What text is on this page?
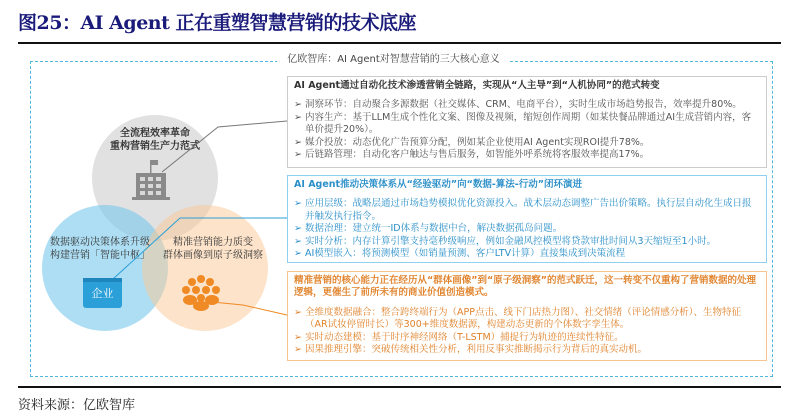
图25：AI Agent 正在重塑智慧营销的技术底座
亿欧智库：AI Agent对智慧营销的三大核心意义
全流程效率革命
重构营销生产力范式
数据驱动决策体系升级
构建营销「智能中枢」
精准营销能力质变
群体画像到原子级洞察
企业
AI Agent通过自动化技术渗透营销全链路，实现从“人主导”到“人机协同”的范式转变
➢ 洞察环节：自动聚合多源数据（社交媒体、CRM、电商平台），实时生成市场趋势报告，效率提升80%。
➢ 内容生产：基于LLM生成个性化文案、图像及视频，缩短创作周期（如某快餐品牌通过AI生成营销内容，客单价提升20%）。
➢ 媒介投放：动态优化广告预算分配，例如某企业使用AI Agent实现ROI提升78%。
➢ 后链路管理：自动化客户触达与售后服务，如智能外呼系统将客服效率提高17%。
AI Agent推动决策体系从“经验驱动”向“数据-算法-行动”闭环演进
➢ 应用层级：战略层通过市场趋势模拟优化资源投入。战术层动态调整广告出价策略。执行层自动化生成日报并触发执行指令。
➢ 数据治理：建立统一ID体系与数据中台，解决数据孤岛问题。
➢ 实时分析：内存计算引擎支持毫秒级响应，例如金融风控模型将贷款审批时间从3天缩短至1小时。
➢ AI模型嵌入：将预测模型（如销量预测、客户LTV计算）直接集成到决策流程
精准营销的核心能力正在经历从“群体画像”到“原子级洞察”的范式跃迁，这一转变不仅重构了营销数据的处理逻辑，更催生了前所未有的商业价值创造模式。
➢ 全维度数据融合：整合跨终端行为（APP点击、线下门店热力图）、社交情绪（评论情感分析）、生物特征（AR试妆停留时长）等300+维度数据源，构建动态更新的个体数字孪生体。
➢ 实时动态建模：基于时序神经网络（T-LSTM）捕捉行为轨迹的连续性特征。
➢ 因果推理引擎：突破传统相关性分析，利用反事实推断揭示行为背后的真实动机。
资料来源：亿欧智库
